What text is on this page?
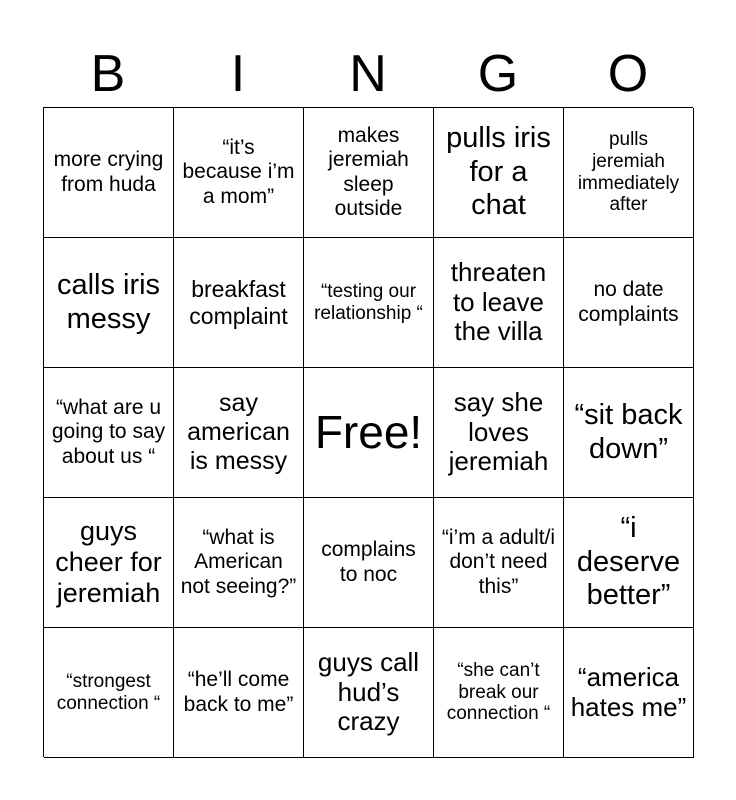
B	I	N	G	O
more crying from huda
“it’s because i’m a mom”
makes jeremiah sleep outside
pulls iris for a chat
pulls jeremiah immediately after
calls iris messy
breakfast complaint
“testing our relationship “
threaten to leave the villa
no date complaints
“what are u going to say about us “
say american is messy
Free!
say she loves jeremiah
“sit back down”
guys cheer for jeremiah
“what is American not seeing?”
complains to noc
“i’m a adult/i don’t need this”
“i deserve better”
“strongest connection “
“he’ll come back to me”
guys call hud’s crazy
“she can’t break our connection “
“america hates me”
